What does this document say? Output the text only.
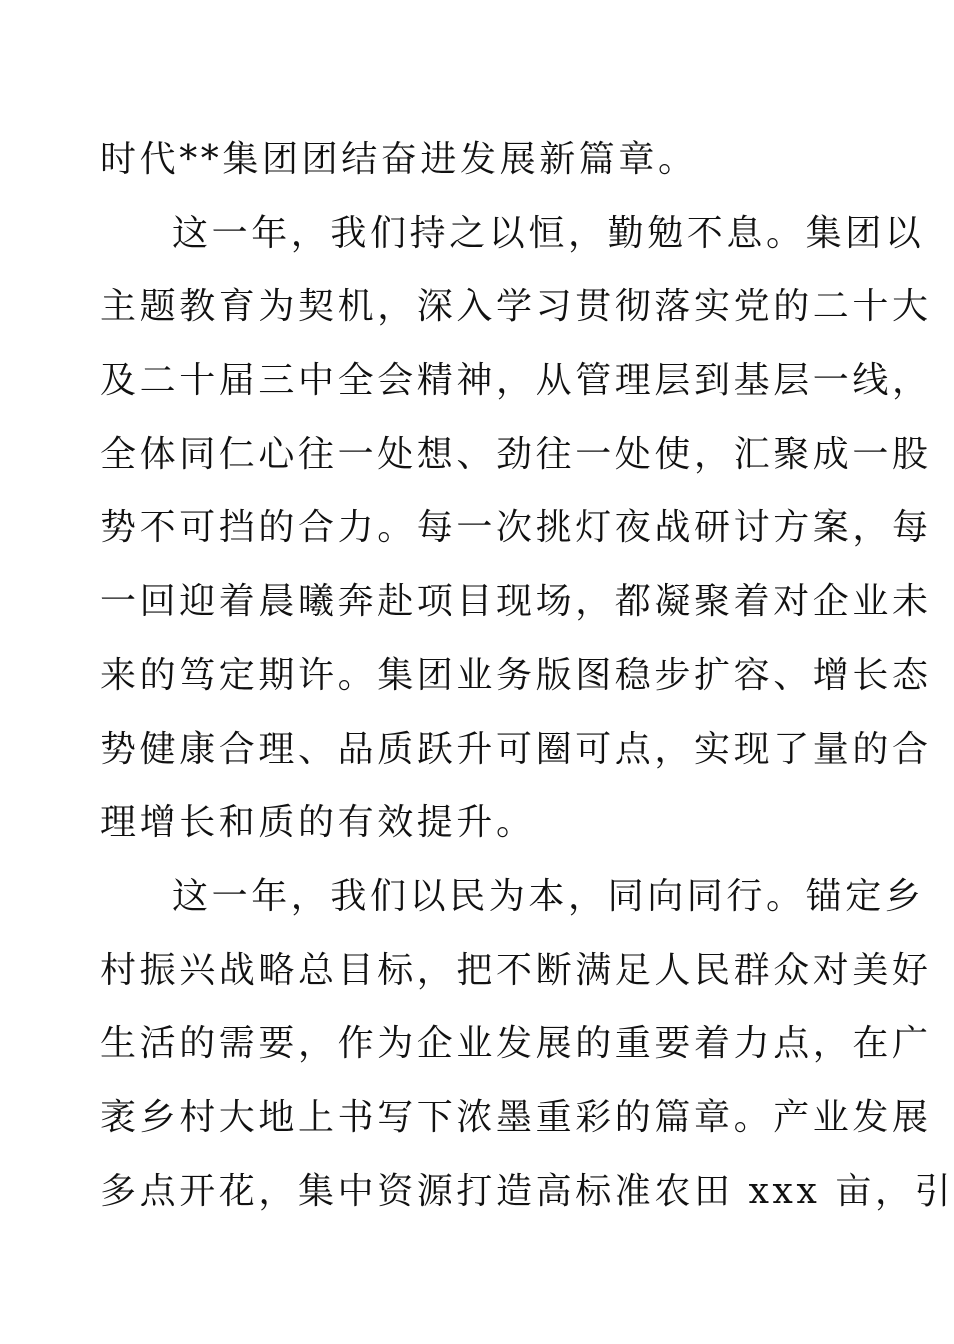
时代**集团团结奋进发展新篇章。
这一年，我们持之以恒，勤勉不息。集团以
主题教育为契机，深入学习贯彻落实党的二十大
及二十届三中全会精神，从管理层到基层一线，
全体同仁心往一处想、劲往一处使，汇聚成一股
势不可挡的合力。每一次挑灯夜战研讨方案，每
一回迎着晨曦奔赴项目现场，都凝聚着对企业未
来的笃定期许。集团业务版图稳步扩容、增长态
势健康合理、品质跃升可圈可点，实现了量的合
理增长和质的有效提升。
这一年，我们以民为本，同向同行。锚定乡
村振兴战略总目标，把不断满足人民群众对美好
生活的需要，作为企业发展的重要着力点，在广
袤乡村大地上书写下浓墨重彩的篇章。产业发展
多点开花，集中资源打造高标准农田 xxx 亩，引
